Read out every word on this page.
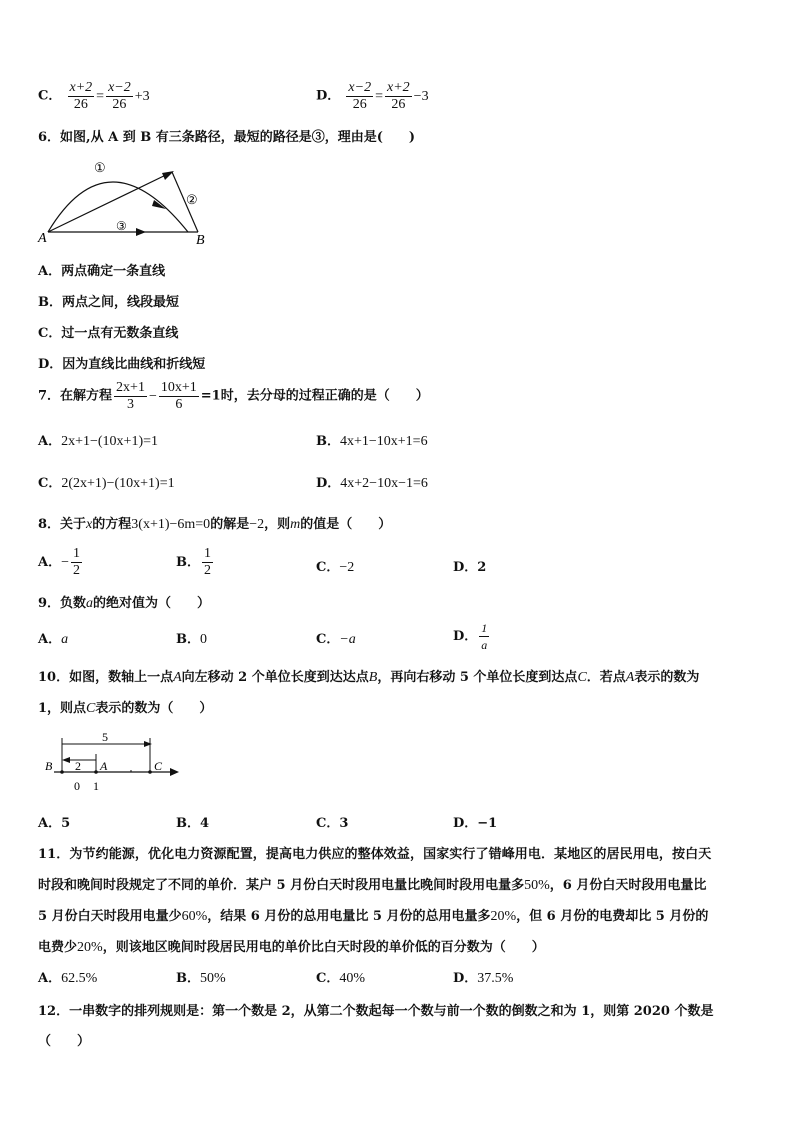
C． $\frac{x+2}{26} = \frac{x-2}{26} +3$	D． $\frac{x-2}{26} = \frac{x+2}{26} -3$
6．如图,从 A 到 B 有三条路径，最短的路径是③，理由是(　　)
A	B
①
②
③
A．两点确定一条直线
B．两点之间，线段最短
C．过一点有无数条直线
D．因为直线比曲线和折线短
7．在解方程 $\frac{2x+1}{3} - \frac{10x+1}{6} =1$时，去分母的过程正确的是（　　）
A．2x+1−(10x+1)=1	B．4x+1−10x+1=6
C．2(2x+1)−(10x+1)=1	D．4x+2−10x−1=6
8．关于x的方程3(x+1)−6m=0的解是−2，则m的值是（　　）
A．− $\frac{1}{2}$	B． $\frac{1}{2}$	C．−2	D．2
9．负数a的绝对值为（　　）
A．a	B．0	C．−a	D． $\frac{1}{a}$
10．如图，数轴上一点A向左移动 2 个单位长度到达达点B，再向右移动 5 个单位长度到达点C．若点A表示的数为
1，则点C表示的数为（　　）
5
2
B	A	C
0 1
A．5	B．4	C．3	D．−1
11．为节约能源，优化电力资源配置，提高电力供应的整体效益，国家实行了错峰用电．某地区的居民用电，按白天
时段和晚间时段规定了不同的单价．某户 5 月份白天时段用电量比晚间时段用电量多50%，6 月份白天时段用电量比
5 月份白天时段用电量少60%，结果 6 月份的总用电量比 5 月份的总用电量多20%，但 6 月份的电费却比 5 月份的
电费少20%，则该地区晚间时段居民用电的单价比白天时段的单价低的百分数为（　　）
A．62.5%	B．50%	C．40%	D．37.5%
12．一串数字的排列规则是：第一个数是 2，从第二个数起每一个数与前一个数的倒数之和为 1，则第 2020 个数是
（　　）
